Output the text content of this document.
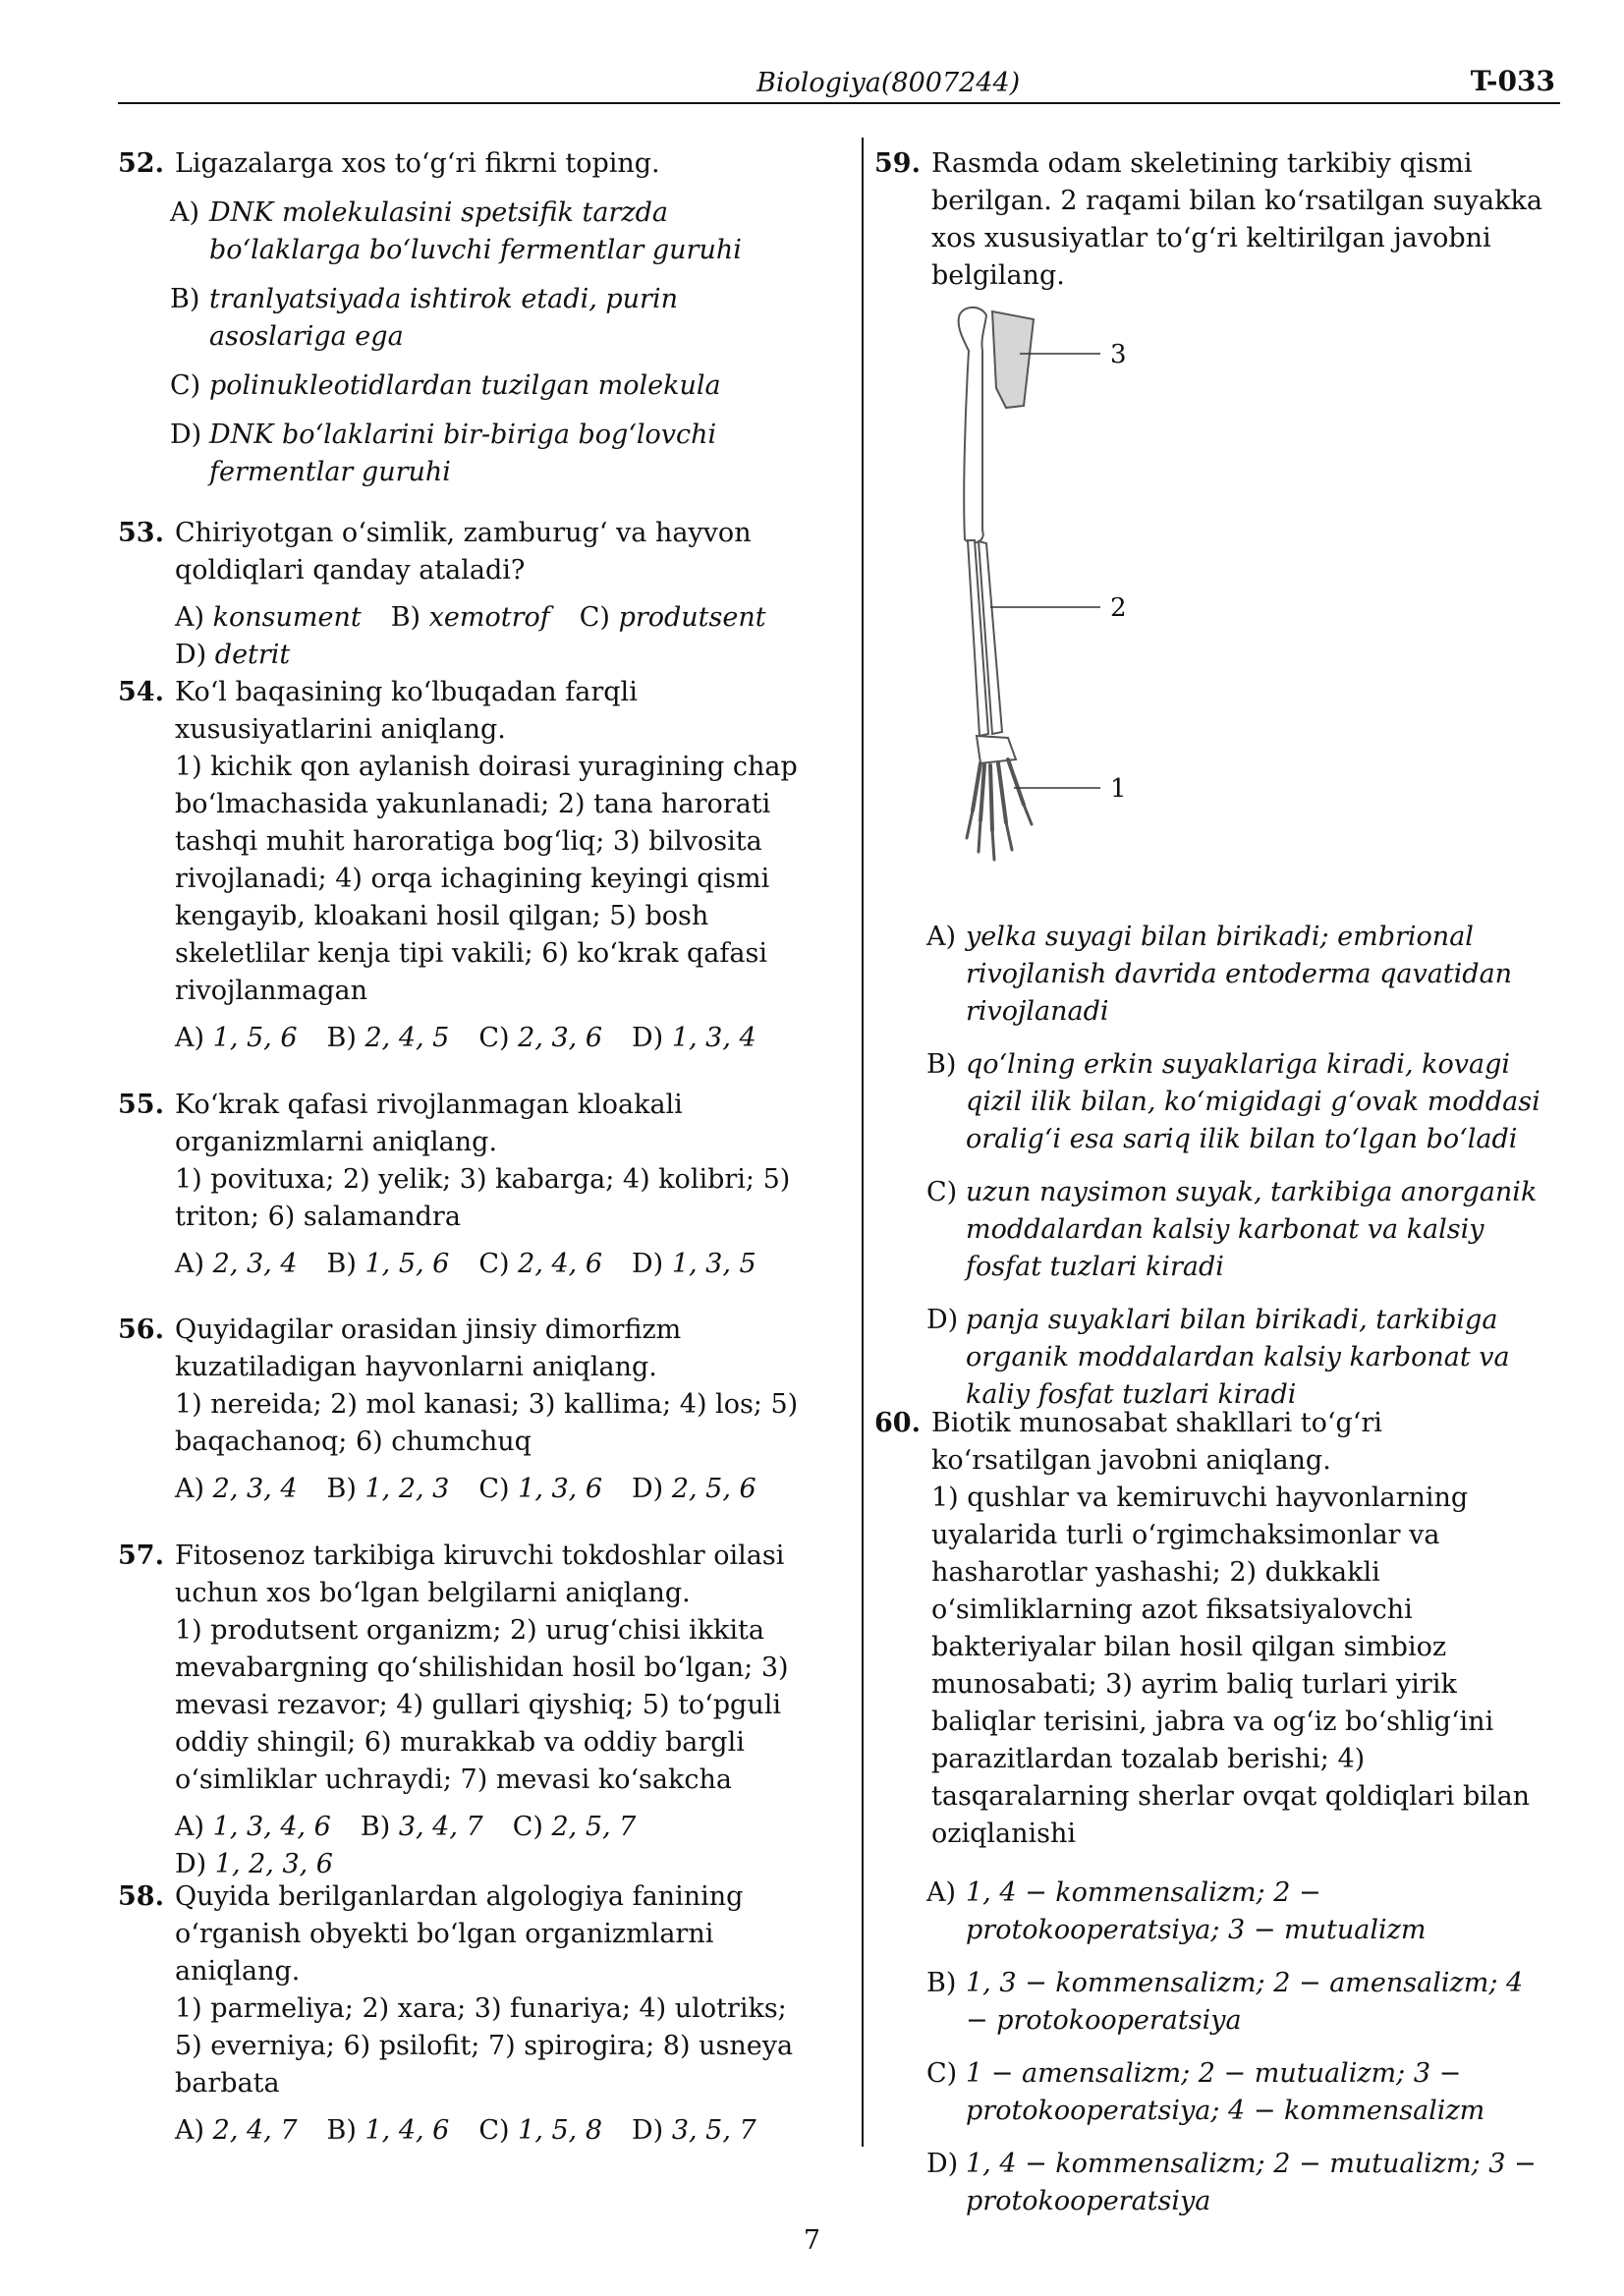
Biologiya(8007244)	T-033
52. Ligazalarga xos to‘g‘ri fikrni toping.
A) DNK molekulasini spetsifik tarzda bo‘laklarga bo‘luvchi fermentlar guruhi
B) tranlyatsiyada ishtirok etadi, purin asoslariga ega
C) polinukleotidlardan tuzilgan molekula
D) DNK bo‘laklarini bir-biriga bog‘lovchi fermentlar guruhi
53. Chiriyotgan o‘simlik, zamburug‘ va hayvon qoldiqlari qanday ataladi?
A) konsument B) xemotrof C) produtsentD) detrit
54. Ko‘l baqasining ko‘lbuqadan farqli xususiyatlarini aniqlang.
1) kichik qon aylanish doirasi yuragining chap bo‘lmachasida yakunlanadi; 2) tana harorati tashqi muhit haroratiga bog‘liq; 3) bilvosita rivojlanadi; 4) orqa ichagining keyingi qismi kengayib, kloakani hosil qilgan; 5) bosh skeletlilar kenja tipi vakili; 6) ko‘krak qafasi rivojlanmagan
A) 1, 5, 6 B) 2, 4, 5 C) 2, 3, 6 D) 1, 3, 4
55. Ko‘krak qafasi rivojlanmagan kloakali organizmlarni aniqlang.
1) povituxa; 2) yelik; 3) kabarga; 4) kolibri; 5) triton; 6) salamandra
A) 2, 3, 4 B) 1, 5, 6 C) 2, 4, 6 D) 1, 3, 5
56. Quyidagilar orasidan jinsiy dimorfizm kuzatiladigan hayvonlarni aniqlang.
1) nereida; 2) mol kanasi; 3) kallima; 4) los; 5) baqachanoq; 6) chumchuq
A) 2, 3, 4 B) 1, 2, 3 C) 1, 3, 6 D) 2, 5, 6
57. Fitosenoz tarkibiga kiruvchi tokdoshlar oilasi uchun xos bo‘lgan belgilarni aniqlang.
1) produtsent organizm; 2) urug‘chisi ikkita mevabargning qo‘shilishidan hosil bo‘lgan; 3) mevasi rezavor; 4) gullari qiyshiq; 5) to‘pguli oddiy shingil; 6) murakkab va oddiy bargli o‘simliklar uchraydi; 7) mevasi ko‘sakcha
A) 1, 3, 4, 6 B) 3, 4, 7 C) 2, 5, 7D) 1, 2, 3, 6
58. Quyida berilganlardan algologiya fanining o‘rganish obyekti bo‘lgan organizmlarni aniqlang.
1) parmeliya; 2) xara; 3) funariya; 4) ulotriks; 5) everniya; 6) psilofit; 7) spirogira; 8) usneya barbata
A) 2, 4, 7 B) 1, 4, 6 C) 1, 5, 8 D) 3, 5, 7
59. Rasmda odam skeletining tarkibiy qismi berilgan. 2 raqami bilan ko‘rsatilgan suyakka xos xususiyatlar to‘g‘ri keltirilgan javobni belgilang.
3
2
1
A) yelka suyagi bilan birikadi; embrional rivojlanish davrida entoderma qavatidan rivojlanadi
B) qo‘lning erkin suyaklariga kiradi, kovagi qizil ilik bilan, ko‘migidagi g‘ovak moddasi oralig‘i esa sariq ilik bilan to‘lgan bo‘ladi
C) uzun naysimon suyak, tarkibiga anorganik moddalardan kalsiy karbonat va kalsiy fosfat tuzlari kiradi
D) panja suyaklari bilan birikadi, tarkibiga organik moddalardan kalsiy karbonat va kaliy fosfat tuzlari kiradi
60. Biotik munosabat shakllari to‘g‘ri ko‘rsatilgan javobni aniqlang.
1) qushlar va kemiruvchi hayvonlarning uyalarida turli o‘rgimchaksimonlar va hasharotlar yashashi; 2) dukkakli o‘simliklarning azot fiksatsiyalovchi bakteriyalar bilan hosil qilgan simbioz munosabati; 3) ayrim baliq turlari yirik baliqlar terisini, jabra va og‘iz bo‘shlig‘ini parazitlardan tozalab berishi; 4) tasqaralarning sherlar ovqat qoldiqlari bilan oziqlanishi
A) 1, 4 − kommensalizm; 2 − protokooperatsiya; 3 − mutualizm
B) 1, 3 − kommensalizm; 2 − amensalizm; 4 − protokooperatsiya
C) 1 − amensalizm; 2 − mutualizm; 3 − protokooperatsiya; 4 − kommensalizm
D) 1, 4 − kommensalizm; 2 − mutualizm; 3 − protokooperatsiya
7
